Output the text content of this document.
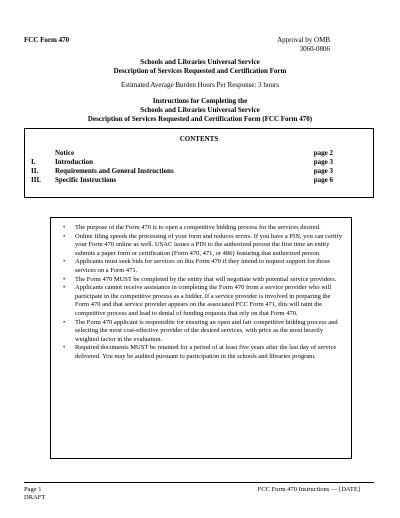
FCC Form 470	Approval by OMB
3060-0806
Schools and Libraries Universal Service
Description of Services Requested and Certification Form
Estimated Average Burden Hours Per Response: 3 hours
Instructions for Completing the
Schools and Libraries Universal Service
Description of Services Requested and Certification Form (FCC Form 470)
CONTENTS
Notice	page 2
I.	Introduction	page 3
II. Requirements and General Instructions	page 3
III. Specific Instructions	page 6
• The purpose of the Form 470 is to open a competitive bidding process for the services desired.
• Online filing speeds the processing of your form and reduces errors. If you have a PIN, you can certify your Form 470 online as well. USAC issues a PIN to the authorized person the first time an entity submits a paper form or certification (Form 470, 471, or 486) featuring that authorized person.
• Applicants must seek bids for services on this Form 470 if they intend to request support for those services on a Form 471.
• The Form 470 MUST be completed by the entity that will negotiate with potential service providers.
• Applicants cannot receive assistance in completing the Form 470 from a service provider who will participate in the competitive process as a bidder. If a service provider is involved in preparing the Form 470 and that service provider appears on the associated FCC Form 471, this will taint the competitive process and lead to denial of funding requests that rely on that Form 470.
• The Form 470 applicant is responsible for ensuring an open and fair competitive bidding process and selecting the most cost-effective provider of the desired services, with price as the most heavily weighted factor in the evaluation.
• Required documents MUST be retained for a period of at least five years after the last day of service delivered. You may be audited pursuant to participation in the schools and libraries program.
Page 1
DRAFT
FCC Form 470 Instructions — [DATE]
